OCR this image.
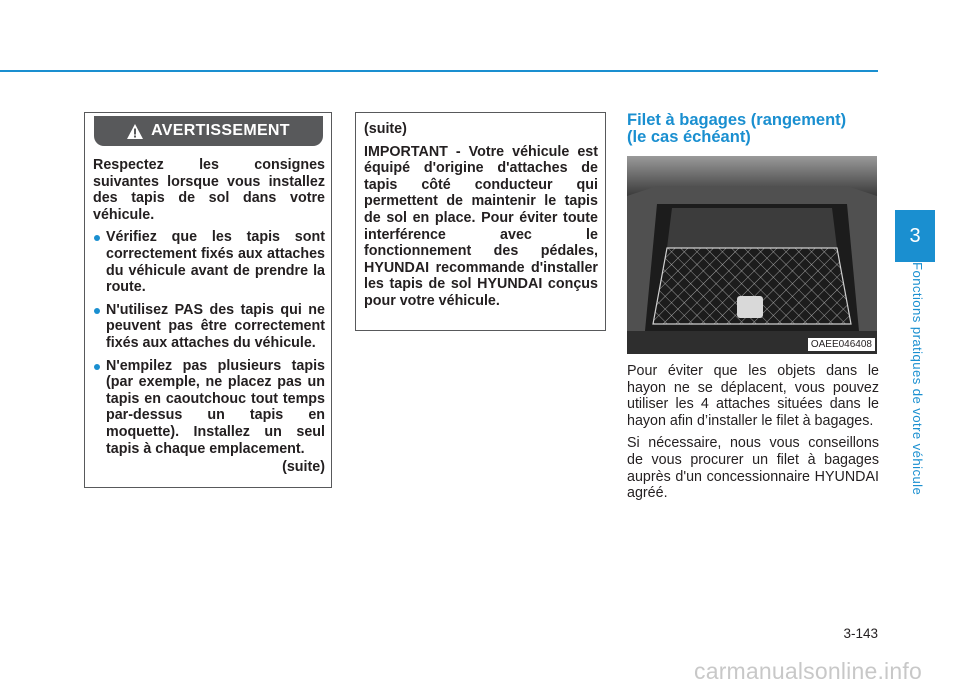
AVERTISSEMENT

Respectez les consignes suivantes lorsque vous installez des tapis de sol dans votre véhicule.

Vérifiez que les tapis sont correctement fixés aux attaches du véhicule avant de prendre la route.
N'utilisez PAS des tapis qui ne peuvent pas être correctement fixés aux attaches du véhicule.
N'empilez pas plusieurs tapis (par exemple, ne placez pas un tapis en caoutchouc tout temps par-dessus un tapis en moquette). Installez un seul tapis à chaque emplacement.
(suite)

(suite)

IMPORTANT - Votre véhicule est équipé d'origine d'attaches de tapis côté conducteur qui permettent de maintenir le tapis de sol en place. Pour éviter toute interférence avec le fonctionnement des pédales, HYUNDAI recommande d'installer les tapis de sol HYUNDAI conçus pour votre véhicule.

Filet à bagages (rangement)
(le cas échéant)
OAEE046408

Pour éviter que les objets dans le hayon ne se déplacent, vous pouvez utiliser les 4 attaches situées dans le hayon afin d’installer le filet à bagages.

Si nécessaire, nous vous conseillons de vous procurer un filet à bagages auprès d'un concessionnaire HYUNDAI agréé.

3
Fonctions pratiques de votre véhicule
3-143
carmanualsonline.info
